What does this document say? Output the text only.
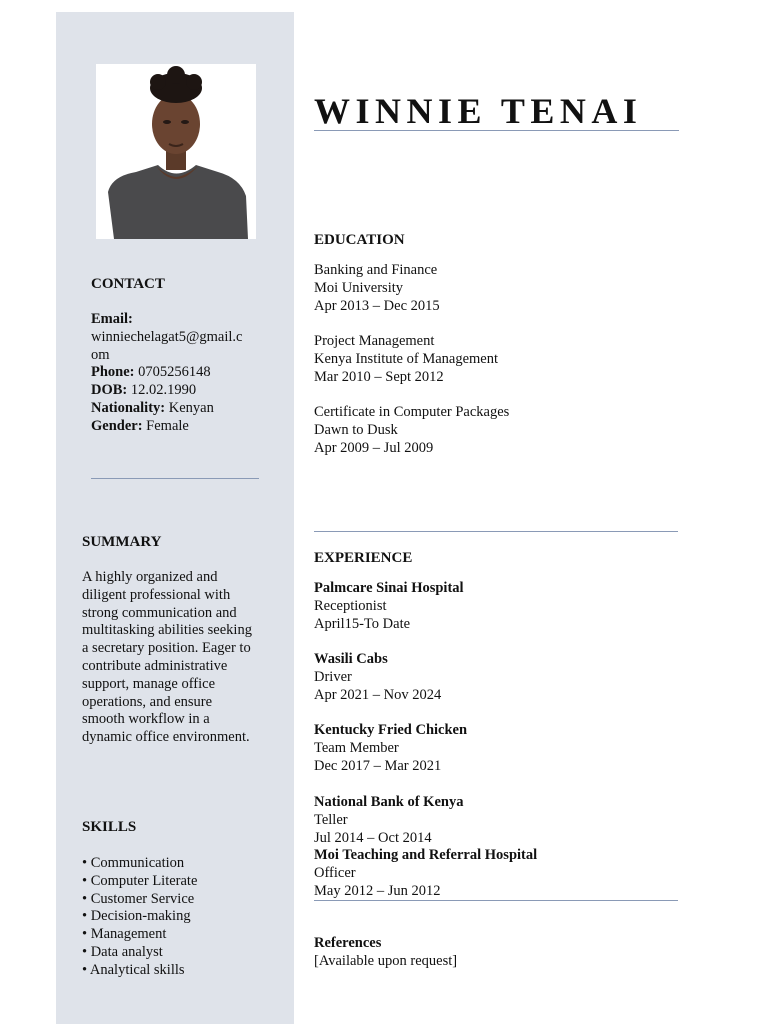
WINNIE TENAI
CONTACT
Email:
winniechelagat5@gmail.c
om
Phone: 0705256148
DOB: 12.02.1990
Nationality: Kenyan
Gender: Female
SUMMARY
A highly organized and diligent professional with strong communication and multitasking abilities seeking a secretary position. Eager to contribute administrative support, manage office operations, and ensure smooth workflow in a dynamic office environment.
SKILLS
• Communication
• Computer Literate
• Customer Service
• Decision-making
• Management
• Data analyst
• Analytical skills
EDUCATION
Banking and Finance
Moi University
Apr 2013 – Dec 2015
Project Management
Kenya Institute of Management
Mar 2010 – Sept 2012
Certificate in Computer Packages
Dawn to Dusk
Apr 2009 – Jul 2009
EXPERIENCE
Palmcare Sinai Hospital
Receptionist
April15-To Date
Wasili Cabs
Driver
Apr 2021 – Nov 2024
Kentucky Fried Chicken
Team Member
Dec 2017 – Mar 2021
National Bank of Kenya
Teller
Jul 2014 – Oct 2014
Moi Teaching and Referral Hospital
Officer
May 2012 – Jun 2012
References
[Available upon request]
